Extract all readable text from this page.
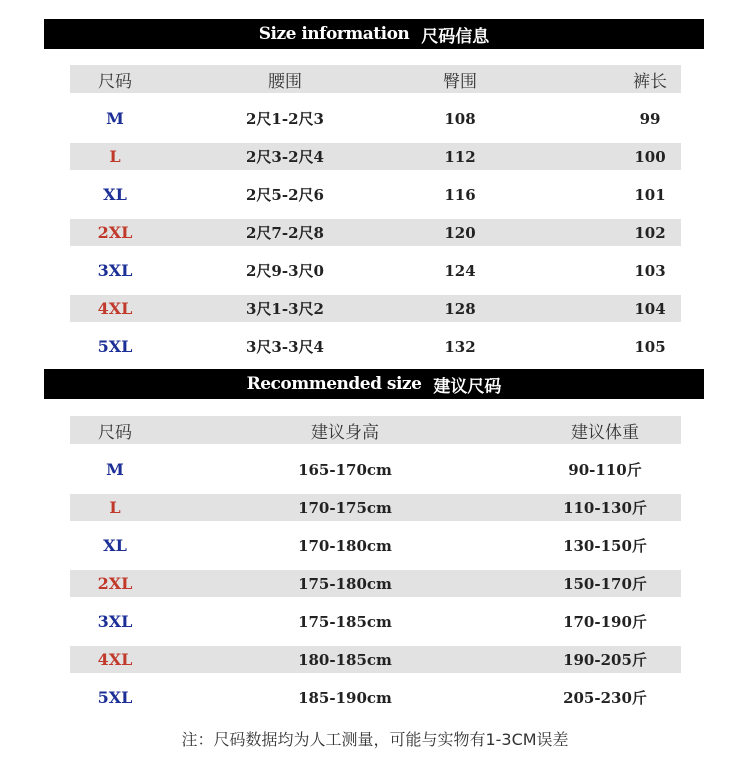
Size information 尺码信息
尺码	腰围	臀围	裤长
M	2尺1-2尺3	108	99
L	2尺3-2尺4	112	100
XL	2尺5-2尺6	116	101
2XL	2尺7-2尺8	120	102
3XL	2尺9-3尺0	124	103
4XL	3尺1-3尺2	128	104
5XL	3尺3-3尺4	132	105
Recommended size 建议尺码
尺码	建议身高	建议体重
M	165-170cm	90-110斤
L	170-175cm	110-130斤
XL	170-180cm	130-150斤
2XL	175-180cm	150-170斤
3XL	175-185cm	170-190斤
4XL	180-185cm	190-205斤
5XL	185-190cm	205-230斤
注：尺码数据均为人工测量，可能与实物有1-3CM误差
